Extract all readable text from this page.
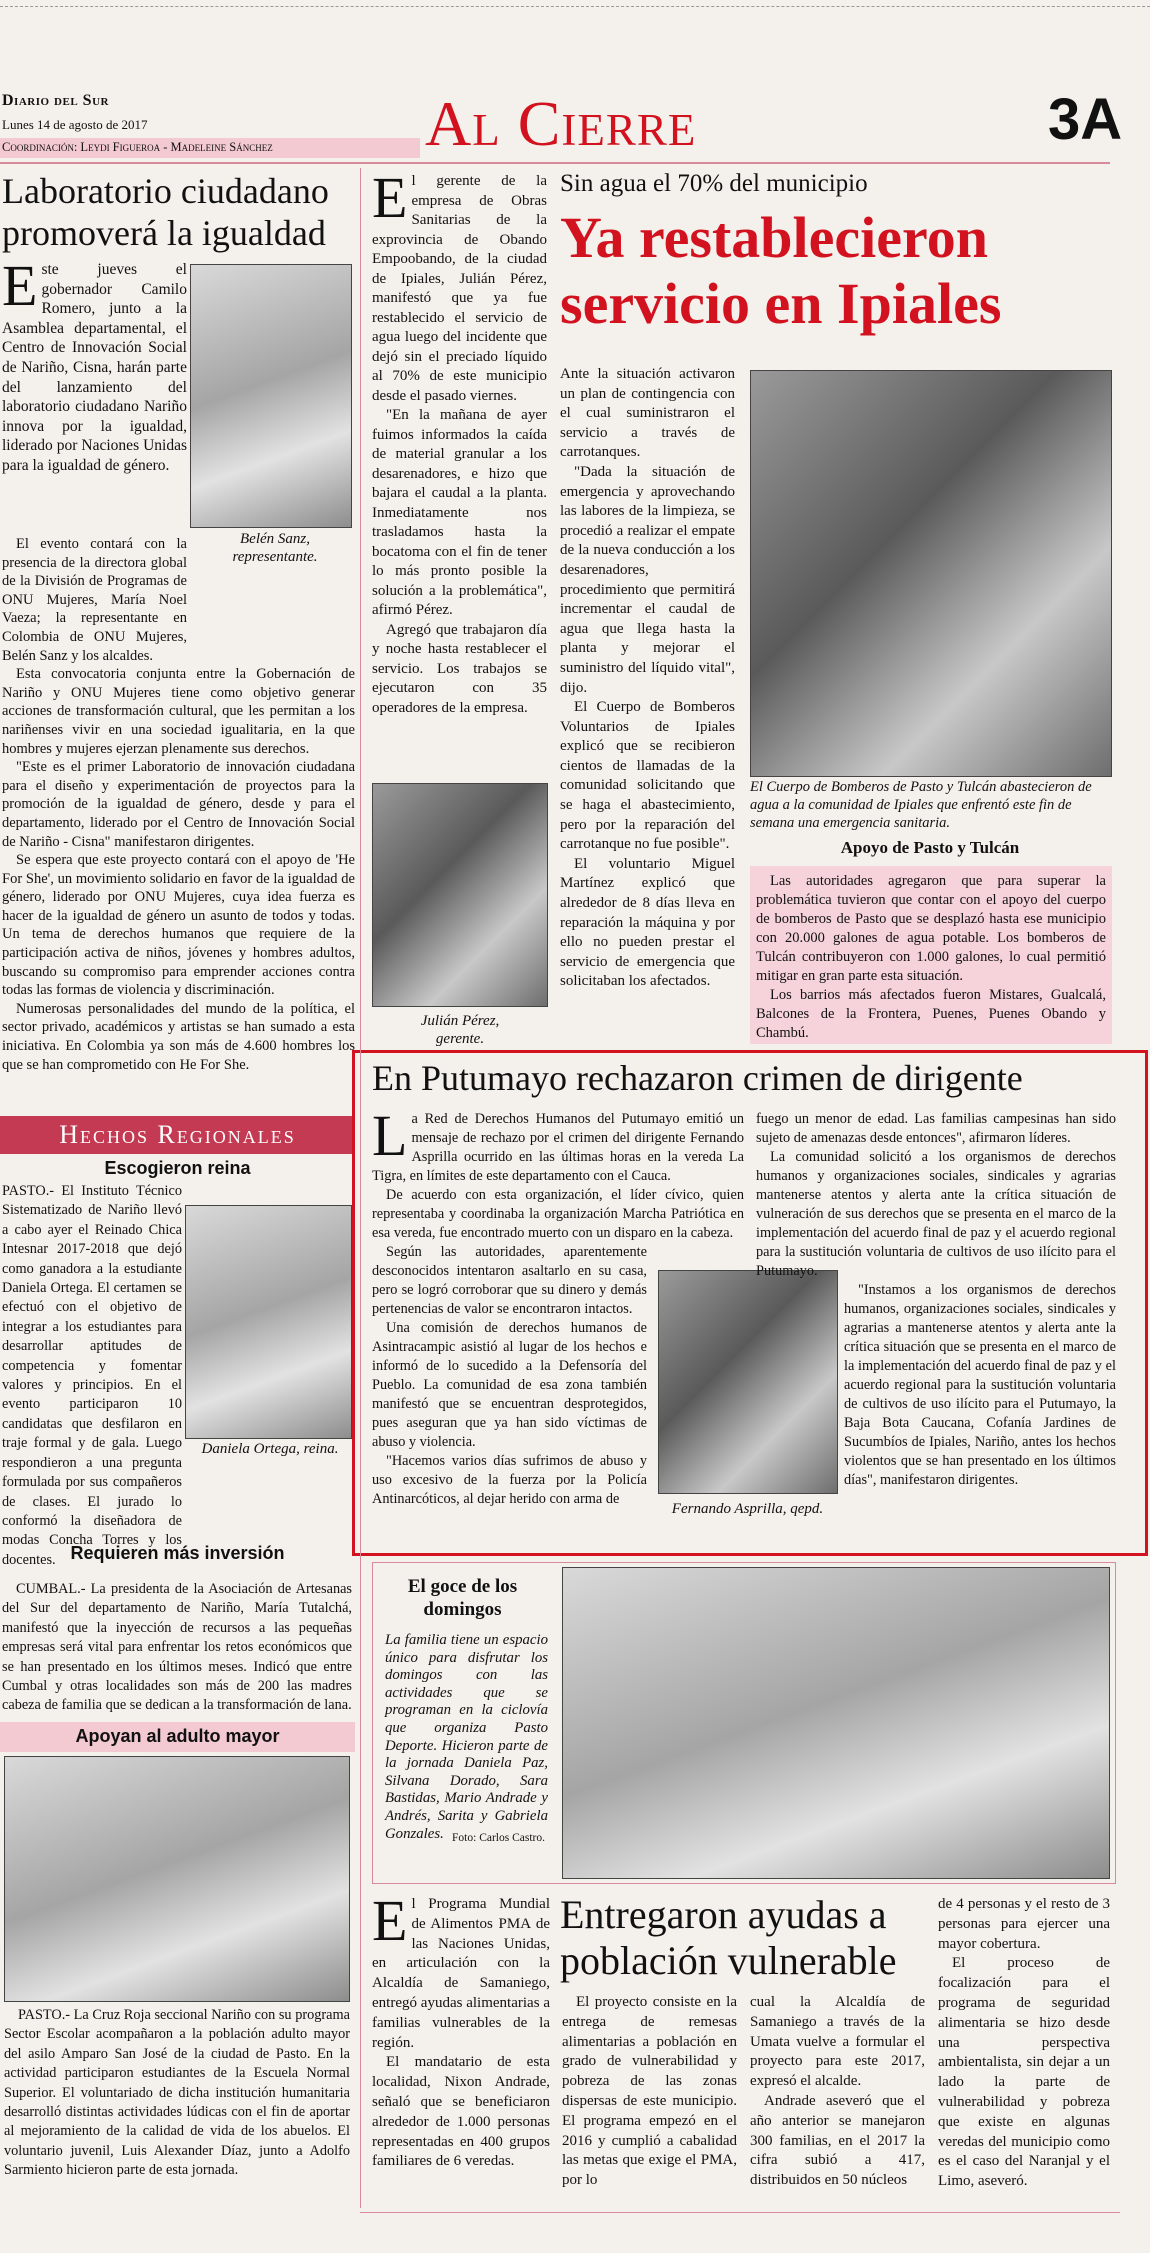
Diario del Sur
Lunes 14 de agosto de 2017
Coordinación: Leydi Figueroa - Madeleine Sánchez Al Cierre	3A
Laboratorio ciudadano promoverá la igualdad

Este jueves el gobernador Camilo Romero, junto a la Asamblea departamental, el Centro de Innovación Social de Nariño, Cisna, harán parte del lanzamiento del laboratorio ciudadano Nariño innova por la igualdad, liderado por Naciones Unidas para la igualdad de género.

Belén Sanz, representante.

El evento contará con la presencia de la directora global de la División de Programas de ONU Mujeres, María Noel Vaeza; la representante en Colombia de ONU Mujeres, Belén Sanz y los alcaldes.

Esta convocatoria conjunta entre la Gobernación de Nariño y ONU Mujeres tiene como objetivo generar acciones de transformación cultural, que les permitan a los nariñenses vivir en una sociedad igualitaria, en la que hombres y mujeres ejerzan plenamente sus derechos.

"Este es el primer Laboratorio de innovación ciudadana para el diseño y experimentación de proyectos para la promoción de la igualdad de género, desde y para el departamento, liderado por el Centro de Innovación Social de Nariño - Cisna" manifestaron dirigentes.

Se espera que este proyecto contará con el apoyo de 'He For She', un movimiento solidario en favor de la igualdad de género, liderado por ONU Mujeres, cuya idea fuerza es hacer de la igualdad de género un asunto de todos y todas. Un tema de derechos humanos que requiere de la participación activa de niños, jóvenes y hombres adultos, buscando su compromiso para emprender acciones contra todas las formas de violencia y discriminación.

Numerosas personalidades del mundo de la política, el sector privado, académicos y artistas se han sumado a esta iniciativa. En Colombia ya son más de 4.600 hombres los que se han comprometido con He For She.

El gerente de la empresa de Obras Sanitarias de la exprovincia de Obando Empoobando, de la ciudad de Ipiales, Julián Pérez, manifestó que ya fue restablecido el servicio de agua luego del incidente que dejó sin el preciado líquido al 70% de este municipio desde el pasado viernes.

"En la mañana de ayer fuimos informados la caída de material granular a los desarenadores, e hizo que bajara el caudal a la planta. Inmediatamente nos trasladamos hasta la bocatoma con el fin de tener lo más pronto posible la solución a la problemática", afirmó Pérez.

Agregó que trabajaron día y noche hasta restablecer el servicio. Los trabajos se ejecutaron con 35 operadores de la empresa.

Julián Pérez, gerente.
Sin agua el 70% del municipio
Ya restablecieron servicio en Ipiales

Ante la situación activaron un plan de contingencia con el cual suministraron el servicio a través de carrotanques.

"Dada la situación de emergencia y aprovechando las labores de la limpieza, se procedió a realizar el empate de la nueva conducción a los desarenadores, procedimiento que permitirá incrementar el caudal de agua que llega hasta la planta y mejorar el suministro del líquido vital", dijo.

El Cuerpo de Bomberos Voluntarios de Ipiales explicó que se recibieron cientos de llamadas de la comunidad solicitando que se haga el abastecimiento, pero por la reparación del carrotanque no fue posible".

El voluntario Miguel Martínez explicó que alrededor de 8 días lleva en reparación la máquina y por ello no pueden prestar el servicio de emergencia que solicitaban los afectados.

El Cuerpo de Bomberos de Pasto y Tulcán abastecieron de agua a la comunidad de Ipiales que enfrentó este fin de semana una emergencia sanitaria.
Apoyo de Pasto y Tulcán

Las autoridades agregaron que para superar la problemática tuvieron que contar con el apoyo del cuerpo de bomberos de Pasto que se desplazó hasta ese municipio con 20.000 galones de agua potable. Los bomberos de Tulcán contribuyeron con 1.000 galones, lo cual permitió mitigar en gran parte esta situación.

Los barrios más afectados fueron Mistares, Gualcalá, Balcones de la Frontera, Puenes, Puenes Obando y Chambú.

Hechos Regionales
Escogieron reina
PASTO.- El Instituto Técnico Sistematizado de Nariño llevó a cabo ayer el Reinado Chica Intesnar 2017-2018 que dejó como ganadora a la estudiante Daniela Ortega. El certamen se efectuó con el objetivo de integrar a los estudiantes para desarrollar aptitudes de competencia y fomentar valores y principios. En el evento participaron 10 candidatas que desfilaron en traje formal y de gala. Luego respondieron a una pregunta formulada por sus compañeros de clases. El jurado lo conformó la diseñadora de modas Concha Torres y los docentes.
Daniela Ortega, reina.
Requieren más inversión
CUMBAL.- La presidenta de la Asociación de Artesanas del Sur del departamento de Nariño, María Tutalchá, manifestó que la inyección de recursos a las pequeñas empresas será vital para enfrentar los retos económicos que se han presentado en los últimos meses. Indicó que entre Cumbal y otras localidades son más de 200 las madres cabeza de familia que se dedican a la transformación de lana.
Apoyan al adulto mayor
PASTO.- La Cruz Roja seccional Nariño con su programa Sector Escolar acompañaron a la población adulto mayor del asilo Amparo San José de la ciudad de Pasto. En la actividad participaron estudiantes de la Escuela Normal Superior. El voluntariado de dicha institución humanitaria desarrolló distintas actividades lúdicas con el fin de aportar al mejoramiento de la calidad de vida de los abuelos. El voluntario juvenil, Luis Alexander Díaz, junto a Adolfo Sarmiento hicieron parte de esta jornada.
En Putumayo rechazaron crimen de dirigente

La Red de Derechos Humanos del Putumayo emitió un mensaje de rechazo por el crimen del dirigente Fernando Asprilla ocurrido en las últimas horas en la vereda La Tigra, en límites de este departamento con el Cauca.

De acuerdo con esta organización, el líder cívico, quien representaba y coordinaba la organización Marcha Patriótica en esa vereda, fue encontrado muerto con un disparo en la cabeza.

Según las autoridades, aparentemente desconocidos intentaron asaltarlo en su casa, pero se logró corroborar que su dinero y demás pertenencias de valor se encontraron intactos.

Una comisión de derechos humanos de Asintracampic asistió al lugar de los hechos e informó de lo sucedido a la Defensoría del Pueblo. La comunidad de esa zona también manifestó que se encuentran desprotegidos, pues aseguran que ya han sido víctimas de abuso y violencia.

"Hacemos varios días sufrimos de abuso y uso excesivo de la fuerza por la Policía Antinarcóticos, al dejar herido con arma de

Fernando Asprilla, qepd.

fuego un menor de edad. Las familias campesinas han sido sujeto de amenazas desde entonces", afirmaron líderes.

La comunidad solicitó a los organismos de derechos humanos y organizaciones sociales, sindicales y agrarias mantenerse atentos y alerta ante la crítica situación de vulneración de sus derechos que se presenta en el marco de la implementación del acuerdo final de paz y el acuerdo regional para la sustitución voluntaria de cultivos de uso ilícito para el Putumayo.

"Instamos a los organismos de derechos humanos, organizaciones sociales, sindicales y agrarias a mantenerse atentos y alerta ante la crítica situación que se presenta en el marco de la implementación del acuerdo final de paz y el acuerdo regional para la sustitución voluntaria de cultivos de uso ilícito para el Putumayo, la Baja Bota Caucana, Cofanía Jardines de Sucumbíos de Ipiales, Nariño, antes los hechos violentos que se han presentado en los últimos días", manifestaron dirigentes.

El goce de los domingos
La familia tiene un espacio único para disfrutar los domingos con las actividades que se programan en la ciclovía que organiza Pasto Deporte. Hicieron parte de la jornada Daniela Paz, Silvana Dorado, Sara Bastidas, Mario Andrade y Andrés, Sarita y Gabriela Gonzales. Foto: Carlos Castro.

El Programa Mundial de Alimentos PMA de las Naciones Unidas, en articulación con la Alcaldía de Samaniego, entregó ayudas alimentarias a familias vulnerables de la región.

El mandatario de esta localidad, Nixon Andrade, señaló que se beneficiaron alrededor de 1.000 personas representadas en 400 grupos familiares de 6 veredas.

Entregaron ayudas a población vulnerable

El proyecto consiste en la entrega de remesas alimentarias a población en grado de vulnerabilidad y pobreza de las zonas dispersas de este municipio. El programa empezó en el 2016 y cumplió a cabalidad las metas que exige el PMA, por lo

cual la Alcaldía de Samaniego a través de la Umata vuelve a formular el proyecto para este 2017, expresó el alcalde.

Andrade aseveró que el año anterior se manejaron 300 familias, en el 2017 la cifra subió a 417, distribuidos en 50 núcleos

de 4 personas y el resto de 3 personas para ejercer una mayor cobertura.

El proceso de focalización para el programa de seguridad alimentaria se hizo desde una perspectiva ambientalista, sin dejar a un lado la parte de vulnerabilidad y pobreza que existe en algunas veredas del municipio como es el caso del Naranjal y el Limo, aseveró.
